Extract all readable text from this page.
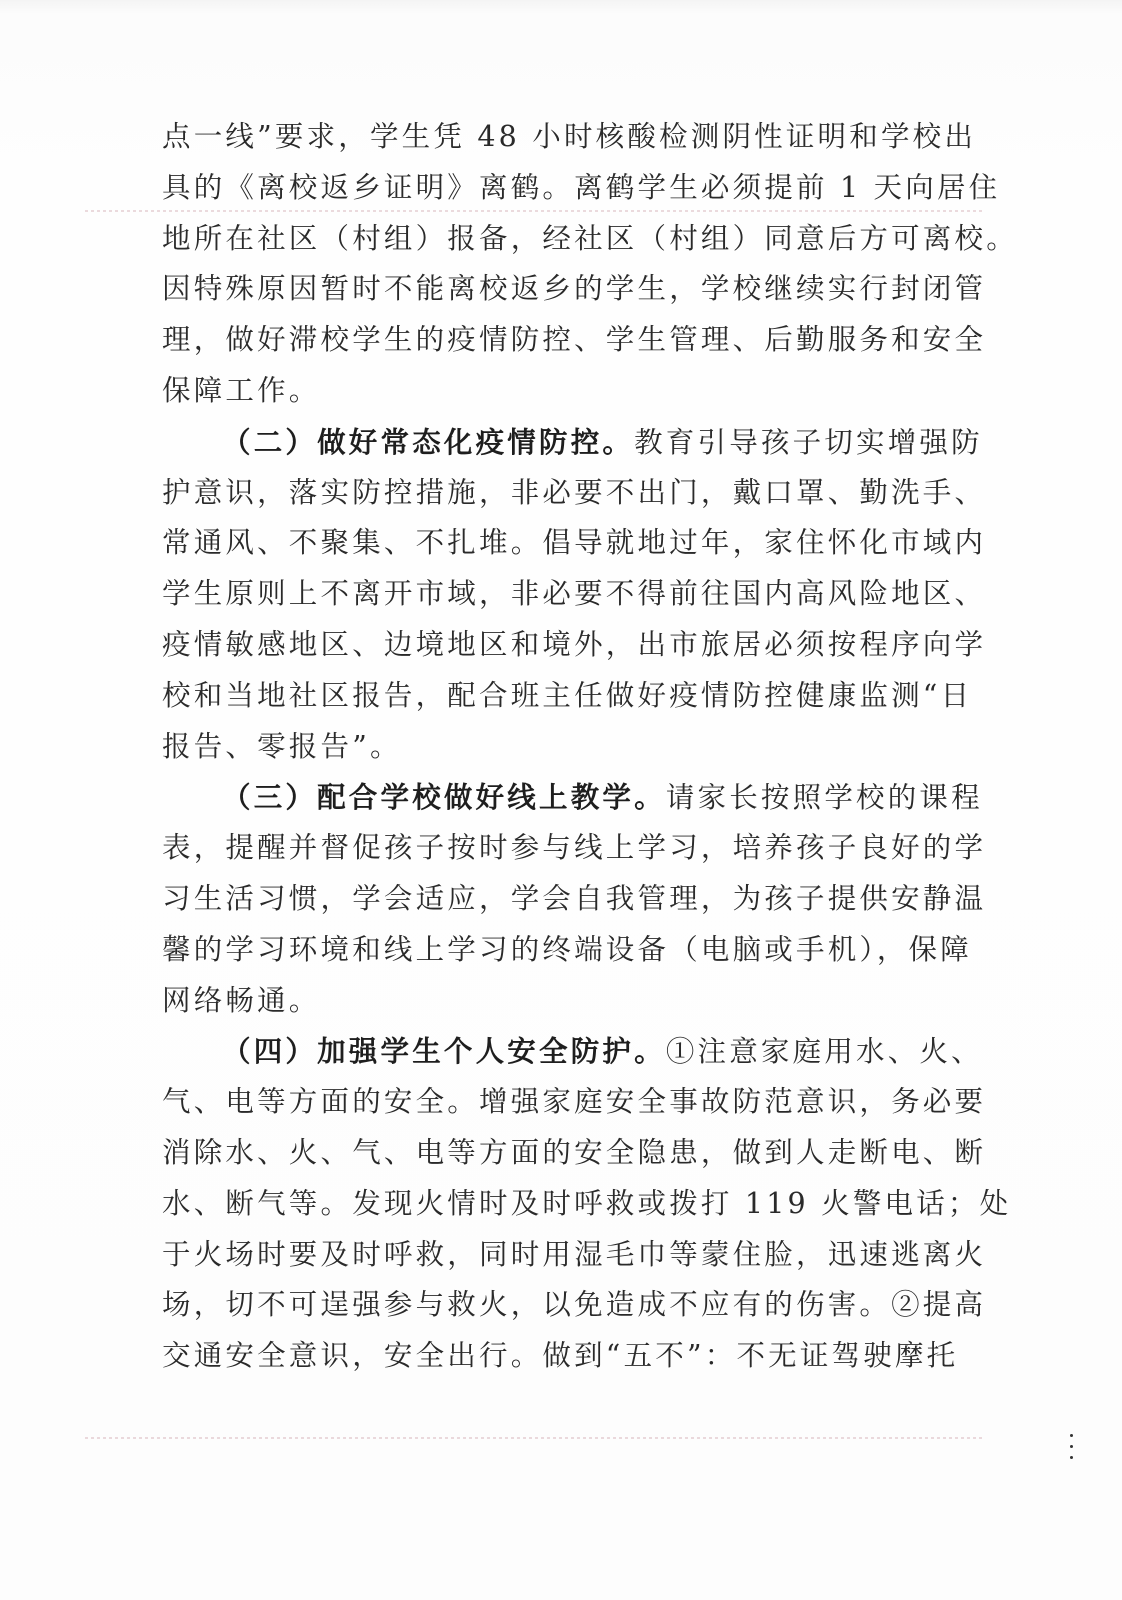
点一线”要求，学生凭 48 小时核酸检测阴性证明和学校出
具的《离校返乡证明》离鹤。离鹤学生必须提前 1 天向居住
地所在社区（村组）报备，经社区（村组）同意后方可离校。
因特殊原因暂时不能离校返乡的学生，学校继续实行封闭管
理，做好滞校学生的疫情防控、学生管理、后勤服务和安全
保障工作。
（二）做好常态化疫情防控。教育引导孩子切实增强防
护意识，落实防控措施，非必要不出门，戴口罩、勤洗手、
常通风、不聚集、不扎堆。倡导就地过年，家住怀化市域内
学生原则上不离开市域，非必要不得前往国内高风险地区、
疫情敏感地区、边境地区和境外，出市旅居必须按程序向学
校和当地社区报告，配合班主任做好疫情防控健康监测“日
报告、零报告”。
（三）配合学校做好线上教学。请家长按照学校的课程
表，提醒并督促孩子按时参与线上学习，培养孩子良好的学
习生活习惯，学会适应，学会自我管理，为孩子提供安静温
馨的学习环境和线上学习的终端设备（电脑或手机），保障
网络畅通。
（四）加强学生个人安全防护。①注意家庭用水、火、
气、电等方面的安全。增强家庭安全事故防范意识，务必要
消除水、火、气、电等方面的安全隐患，做到人走断电、断
水、断气等。发现火情时及时呼救或拨打 119 火警电话；处
于火场时要及时呼救，同时用湿毛巾等蒙住脸，迅速逃离火
场，切不可逞强参与救火，以免造成不应有的伤害。②提高
交通安全意识，安全出行。做到“五不”：不无证驾驶摩托
